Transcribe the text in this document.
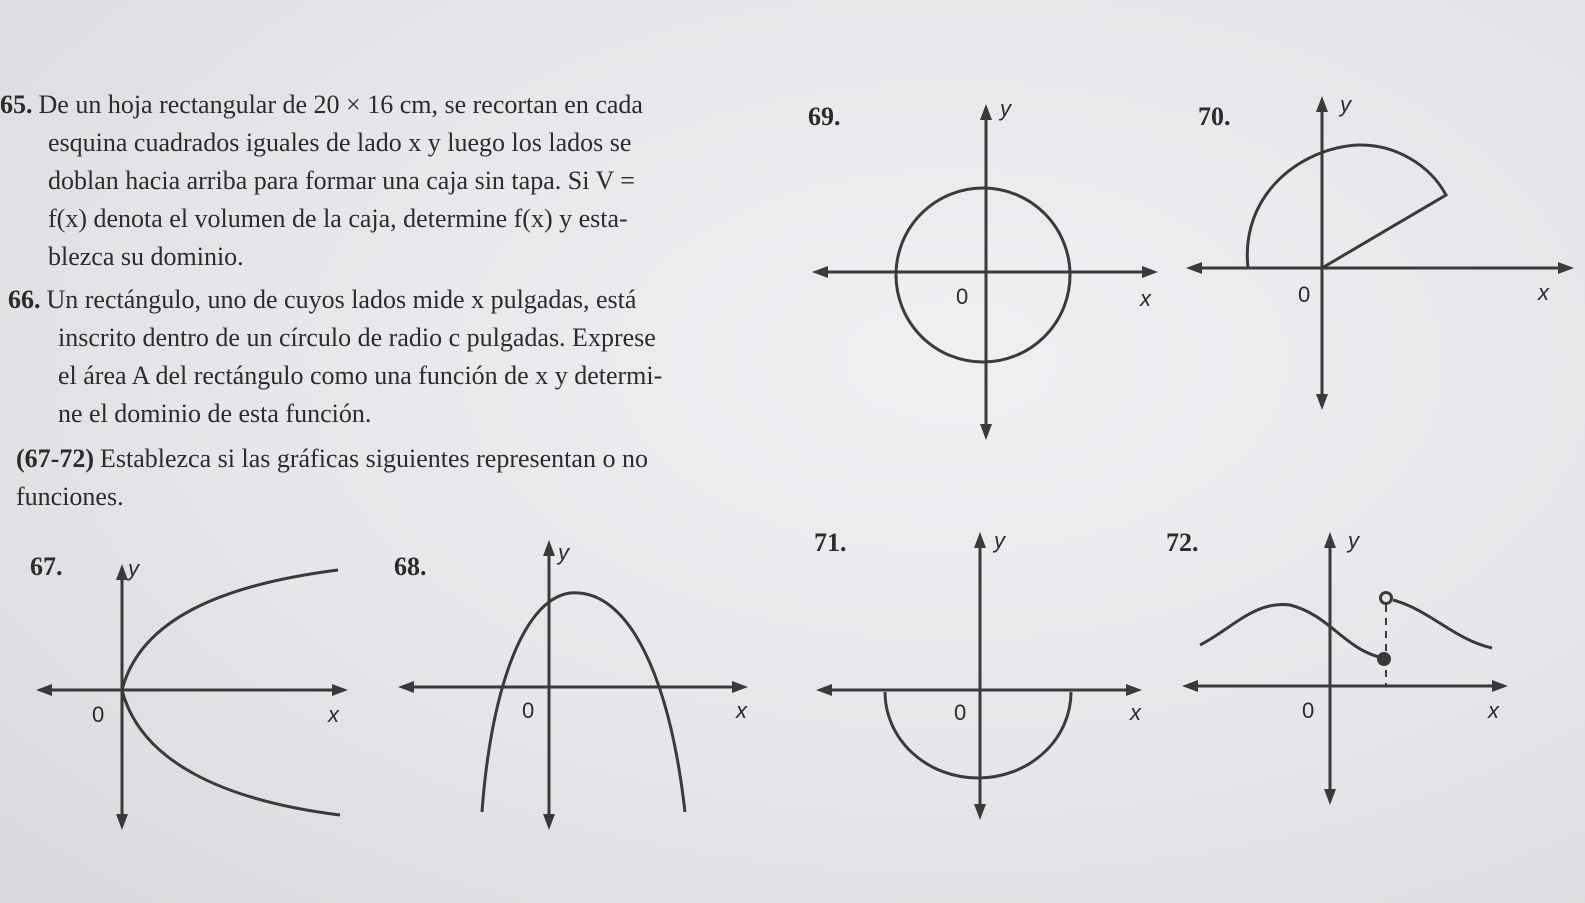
65. De un hoja rectangular de 20 × 16 cm, se recortan en cada

esquina cuadrados iguales de lado x y luego los lados se

doblan hacia arriba para formar una caja sin tapa. Si V =

f(x) denota el volumen de la caja, determine f(x) y esta-

blezca su dominio.

66. Un rectángulo, uno de cuyos lados mide x pulgadas, está

inscrito dentro de un círculo de radio c pulgadas. Exprese

el área A del rectángulo como una función de x y determi-

ne el dominio de esta función.

(67-72) Establezca si las gráficas siguientes representan o no

funciones.

69.	y
x
0
70.	y
x
0
67.	y
x
0
68.	y
x
0
71.	y
x
0
72.	y
x
0
